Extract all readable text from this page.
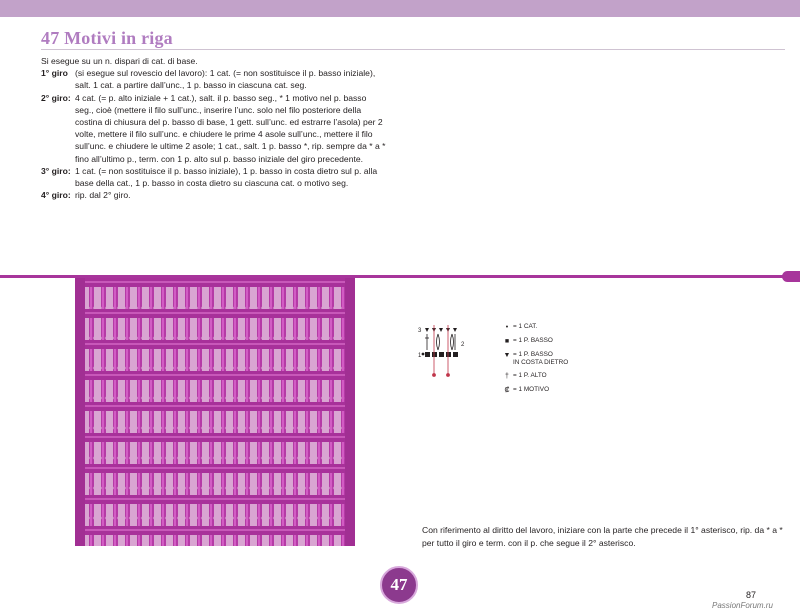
47 Motivi in riga
Si esegue su un n. dispari di cat. di base.
1° giro (si esegue sul rovescio del lavoro): 1 cat. (= non sostituisce il p. basso iniziale), salt. 1 cat. a partire dall’unc., 1 p. basso in ciascuna cat. seg.
2° giro: 4 cat. (= p. alto iniziale + 1 cat.), salt. il p. basso seg., * 1 motivo nel p. basso seg., cioè (mettere il filo sull’unc., inserire l’unc. solo nel filo posteriore della costina di chiusura del p. basso di base, 1 gett. sull’unc. ed estrarre l’asola) per 2 volte, mettere il filo sull’unc. e chiudere le prime 4 asole sull’unc., mettere il filo sull’unc. e chiudere le ultime 2 asole; 1 cat., salt. 1 p. basso *, rip. sempre da * a * fino all’ultimo p., term. con 1 p. alto sul p. basso iniziale del giro precedente.
3° giro: 1 cat. (= non sostituisce il p. basso iniziale), 1 p. basso in costa dietro sul p. alla base della cat., 1 p. basso in costa dietro su ciascuna cat. o motivo seg.
4° giro: rip. dal 2° giro.
3
2
1
• = 1 CAT.
■ = 1 P. BASSO
▼ = 1 P. BASSO
IN COSTA DIETRO
† = 1 P. ALTO
₡ = 1 MOTIVO

Con riferimento al diritto del lavoro, iniziare con la parte che precede il 1° asterisco, rip. da * a * per tutto il giro e term. con il p. che segue il 2° asterisco.

47
87
PassionForum.ru
